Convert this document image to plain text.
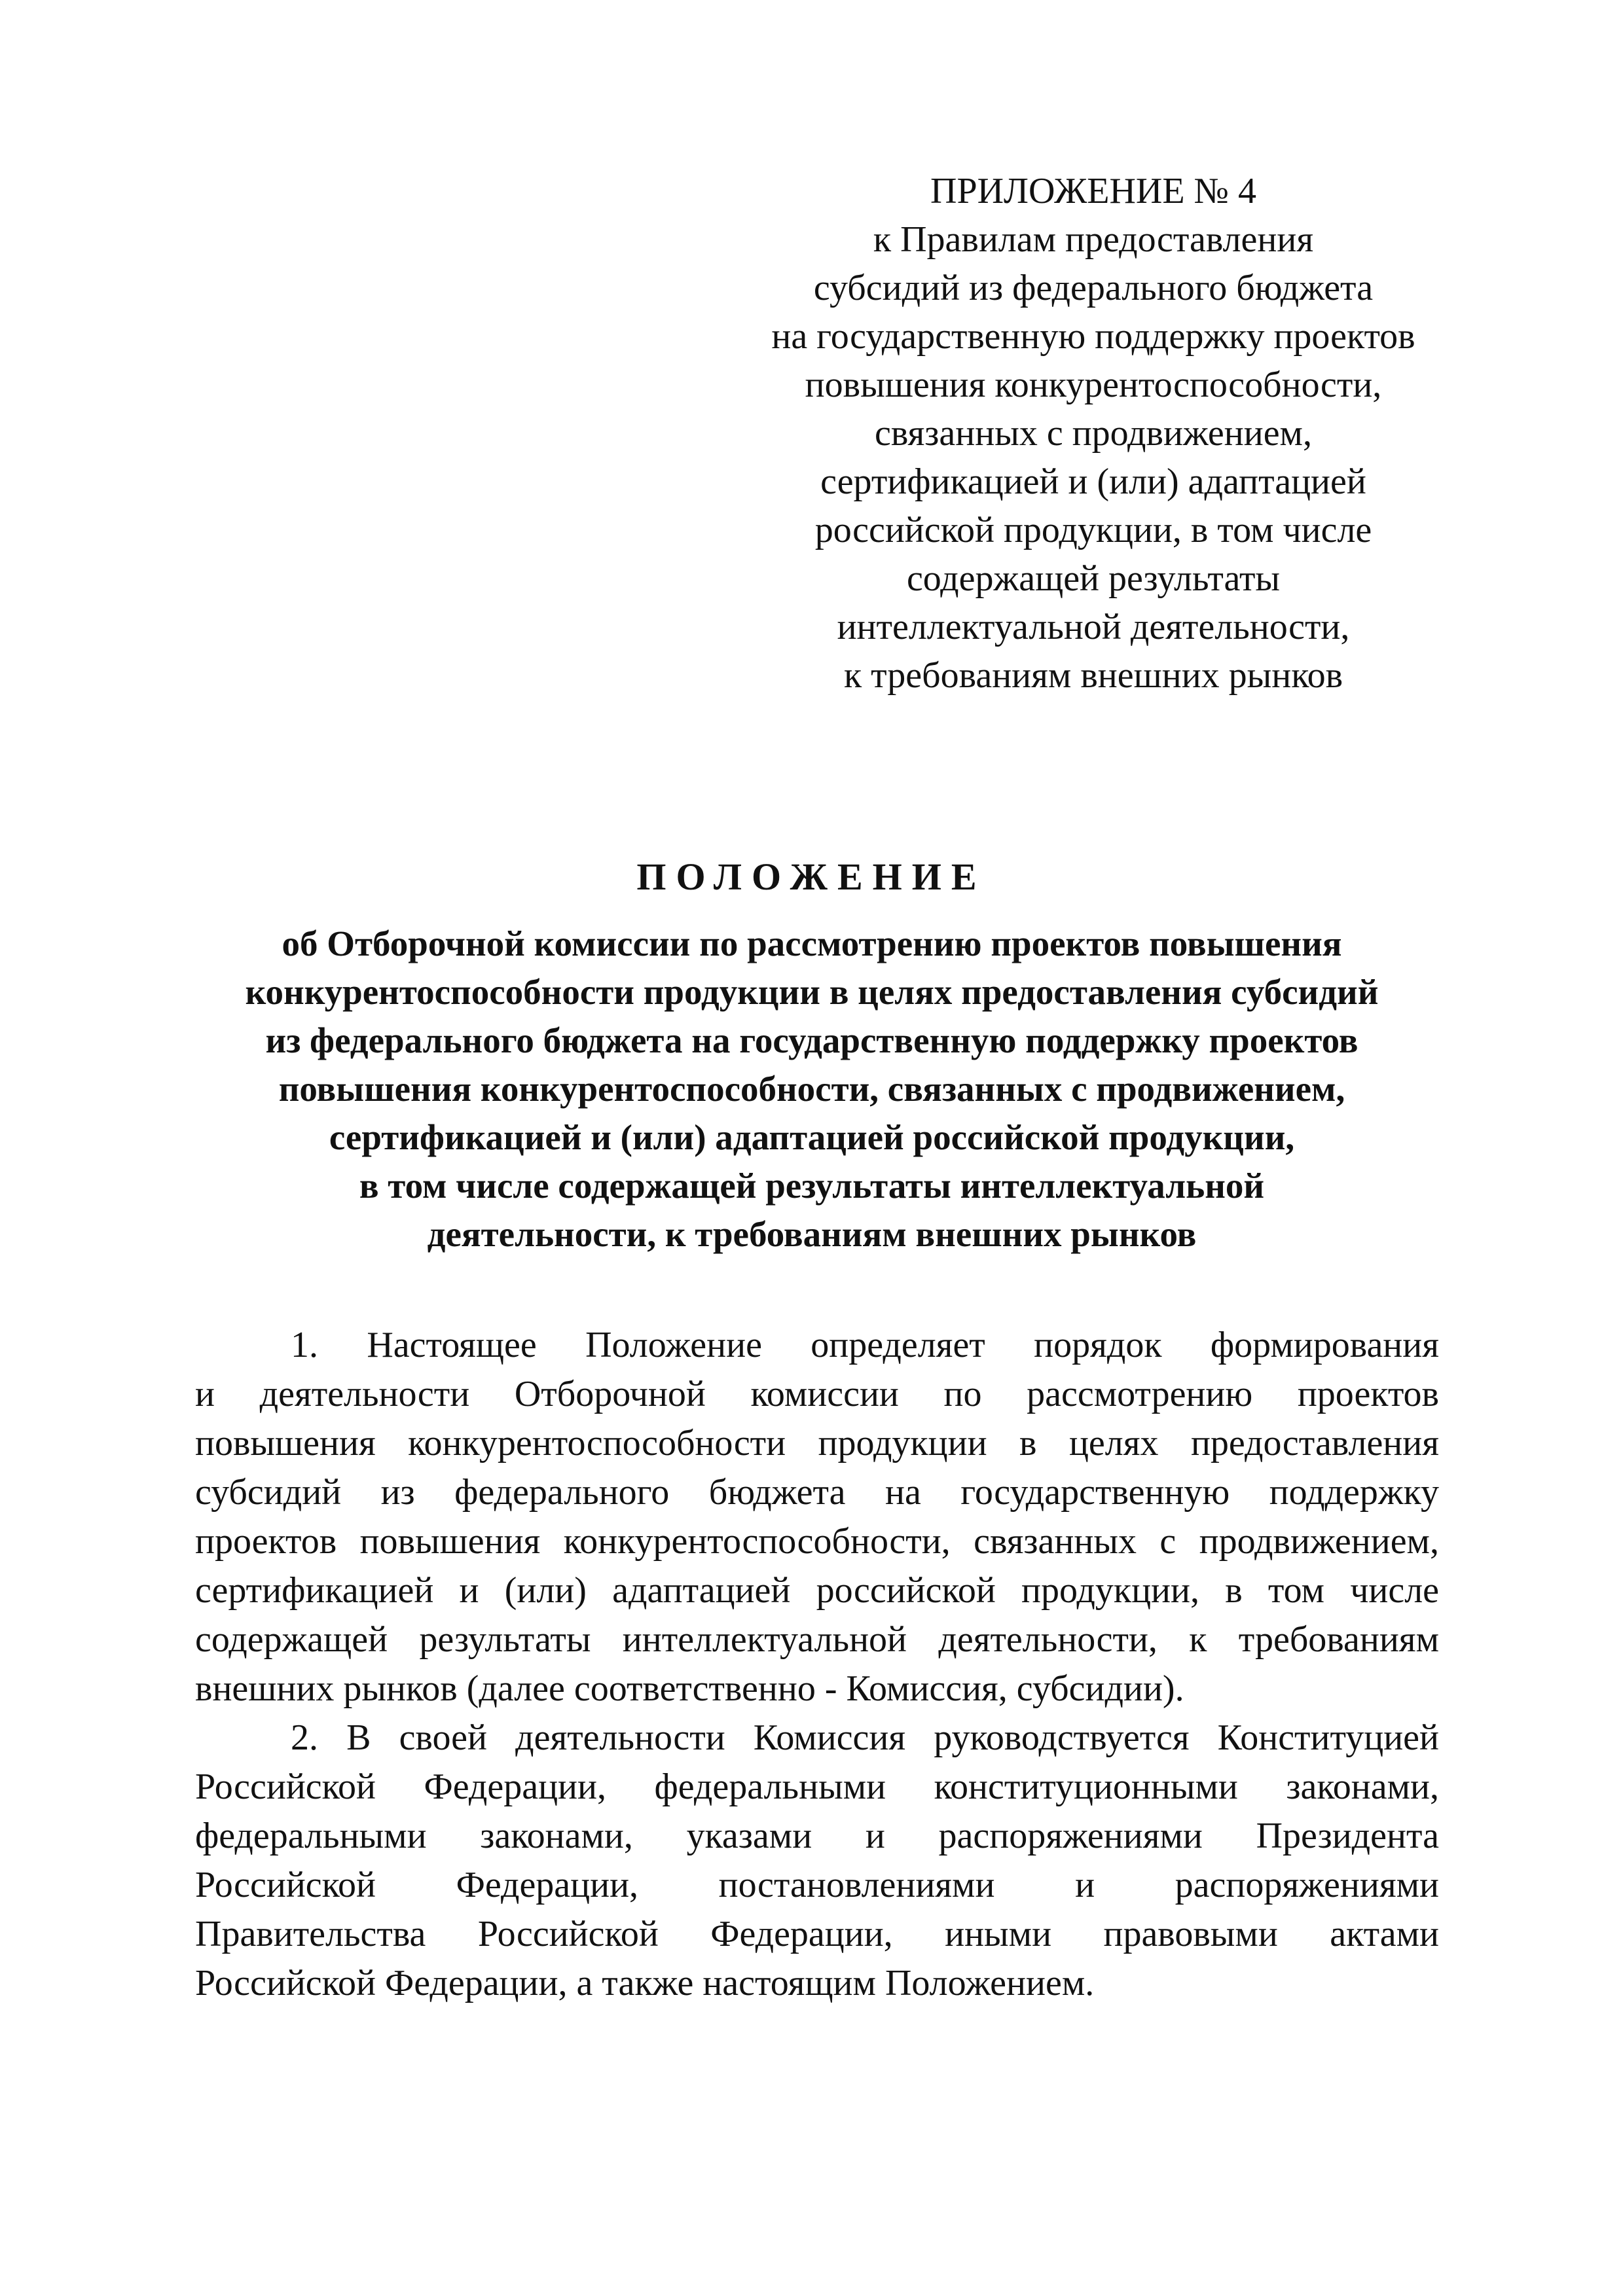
ПРИЛОЖЕНИЕ № 4
к Правилам предоставления
субсидий из федерального бюджета
на государственную поддержку проектов
повышения конкурентоспособности,
связанных с продвижением,
сертификацией и (или) адаптацией
российской продукции, в том числе
содержащей результаты
интеллектуальной деятельности,
к требованиям внешних рынков
ПОЛОЖЕНИЕ
об Отборочной комиссии по рассмотрению проектов повышения
конкурентоспособности продукции в целях предоставления субсидий
из федерального бюджета на государственную поддержку проектов
повышения конкурентоспособности, связанных с продвижением,
сертификацией и (или) адаптацией российской продукции,
в том числе содержащей результаты интеллектуальной
деятельности, к требованиям внешних рынков
1. Настоящее Положение определяет порядок формирования
и деятельности Отборочной комиссии по рассмотрению проектов
повышения конкурентоспособности продукции в целях предоставления
субсидий из федерального бюджета на государственную поддержку
проектов повышения конкурентоспособности, связанных с продвижением,
сертификацией и (или) адаптацией российской продукции, в том числе
содержащей результаты интеллектуальной деятельности, к требованиям
внешних рынков (далее соответственно - Комиссия, субсидии).
2. В своей деятельности Комиссия руководствуется Конституцией
Российской Федерации, федеральными конституционными законами,
федеральными законами, указами и распоряжениями Президента
Российской Федерации, постановлениями и распоряжениями
Правительства Российской Федерации, иными правовыми актами
Российской Федерации, а также настоящим Положением.
